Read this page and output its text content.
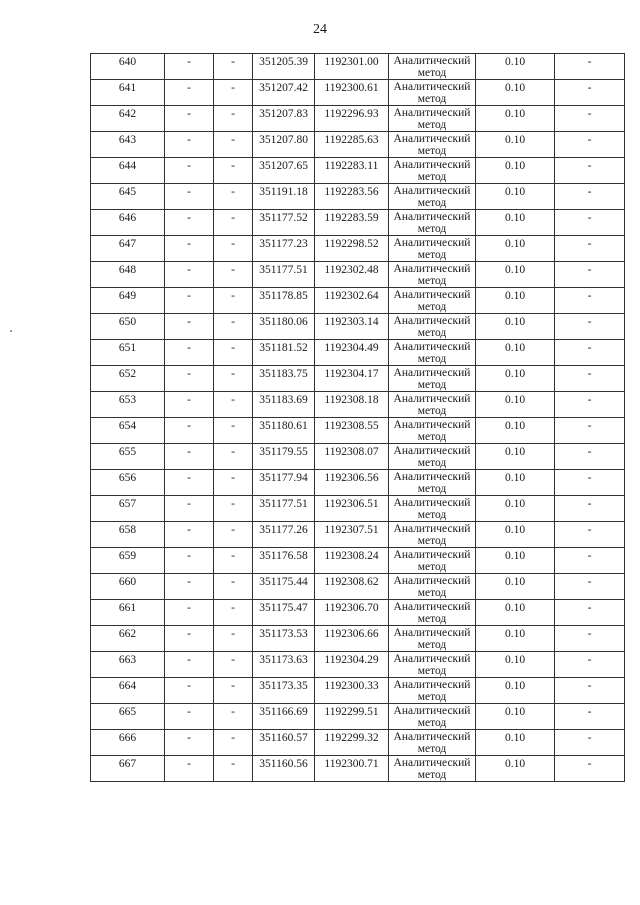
24
640	-	-	351205.39	1192301.00	Аналитический метод	0.10	-
641	-	-	351207.42	1192300.61	Аналитический метод	0.10	-
642	-	-	351207.83	1192296.93	Аналитический метод	0.10	-
643	-	-	351207.80	1192285.63	Аналитический метод	0.10	-
644	-	-	351207.65	1192283.11	Аналитический метод	0.10	-
645	-	-	351191.18	1192283.56	Аналитический метод	0.10	-
646	-	-	351177.52	1192283.59	Аналитический метод	0.10	-
647	-	-	351177.23	1192298.52	Аналитический метод	0.10	-
648	-	-	351177.51	1192302.48	Аналитический метод	0.10	-
649	-	-	351178.85	1192302.64	Аналитический метод	0.10	-
650	-	-	351180.06	1192303.14	Аналитический метод	0.10	-
651	-	-	351181.52	1192304.49	Аналитический метод	0.10	-
652	-	-	351183.75	1192304.17	Аналитический метод	0.10	-
653	-	-	351183.69	1192308.18	Аналитический метод	0.10	-
654	-	-	351180.61	1192308.55	Аналитический метод	0.10	-
655	-	-	351179.55	1192308.07	Аналитический метод	0.10	-
656	-	-	351177.94	1192306.56	Аналитический метод	0.10	-
657	-	-	351177.51	1192306.51	Аналитический метод	0.10	-
658	-	-	351177.26	1192307.51	Аналитический метод	0.10	-
659	-	-	351176.58	1192308.24	Аналитический метод	0.10	-
660	-	-	351175.44	1192308.62	Аналитический метод	0.10	-
661	-	-	351175.47	1192306.70	Аналитический метод	0.10	-
662	-	-	351173.53	1192306.66	Аналитический метод	0.10	-
663	-	-	351173.63	1192304.29	Аналитический метод	0.10	-
664	-	-	351173.35	1192300.33	Аналитический метод	0.10	-
665	-	-	351166.69	1192299.51	Аналитический метод	0.10	-
666	-	-	351160.57	1192299.32	Аналитический метод	0.10	-
667	-	-	351160.56	1192300.71	Аналитический метод	0.10	-
